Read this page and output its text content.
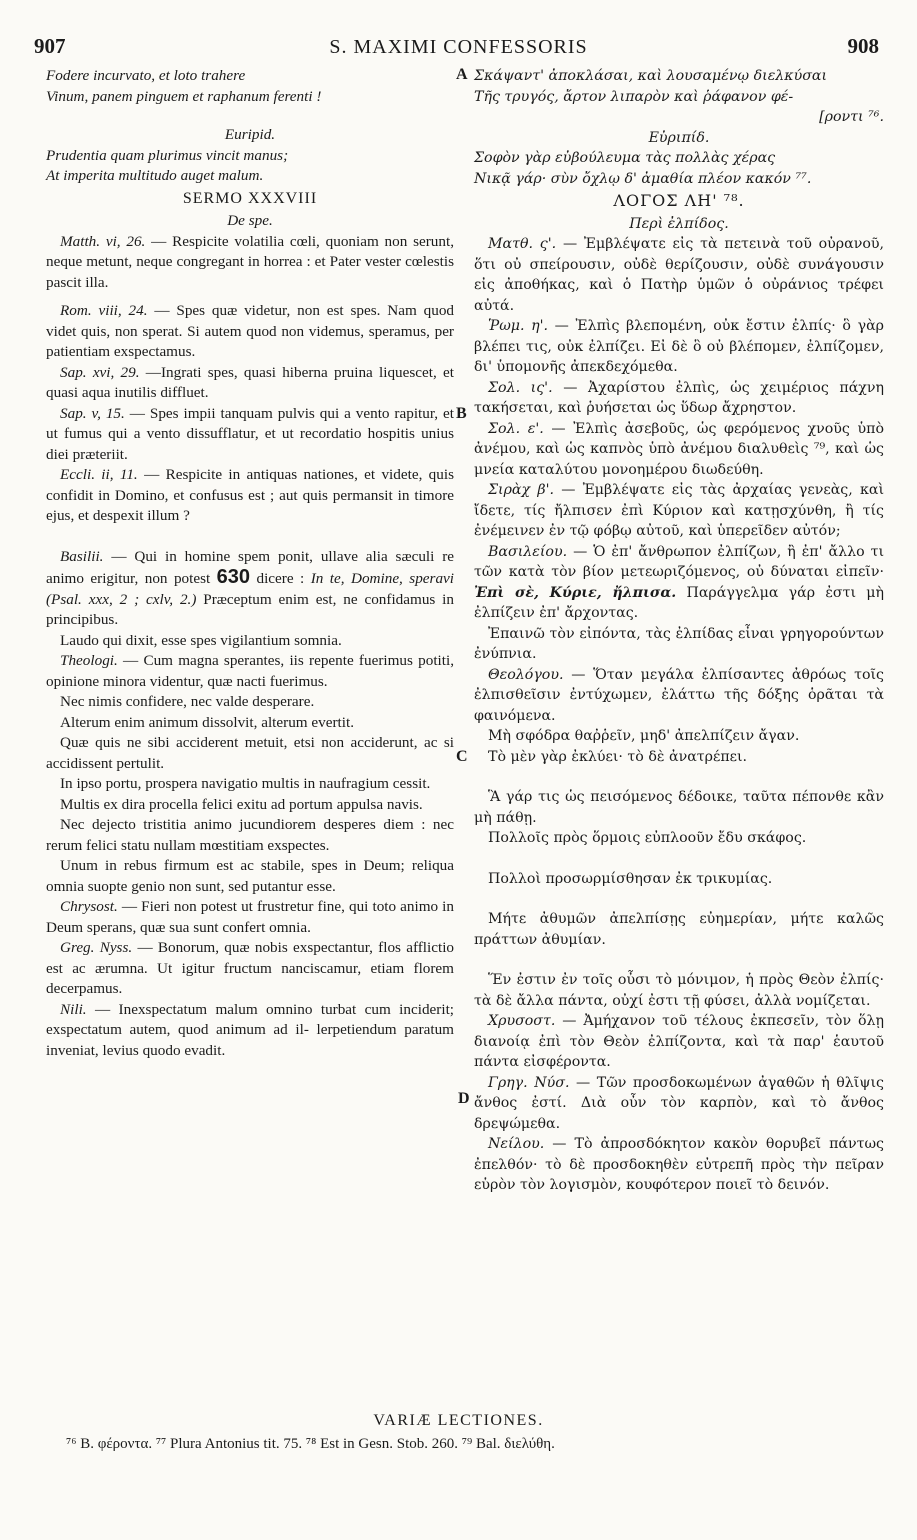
907	S. MAXIMI CONFESSORIS	908
A
B
C
D
Fodere incurvato, et loto trahere
Vinum, panem pinguem et raphanum ferenti !
Euripid.
Prudentia quam plurimus vincit manus;
At imperita multitudo auget malum.
SERMO XXXVIII
De spe.

Matth. vi, 26. — Respicite volatilia cœli, quoniam non serunt, neque metunt, neque congregant in horrea : et Pater vester cœlestis pascit illa.

Rom. viii, 24. — Spes quæ videtur, non est spes. Nam quod videt quis, non sperat. Si autem quod non videmus, speramus, per patientiam exspectamus.

Sap. xvi, 29. —Ingrati spes, quasi hiberna pruina liquescet, et quasi aqua inutilis diffluet.

Sap. v, 15. — Spes impii tanquam pulvis qui a vento rapitur, et ut fumus qui a vento dissufflatur, et ut recordatio hospitis unius diei præteriit.

Eccli. ii, 11. — Respicite in antiquas nationes, et videte, quis confidit in Domino, et confusus est ; aut quis permansit in timore ejus, et despexit illum ?

Basilii. — Qui in homine spem ponit, ullave alia sæculi re animo erigitur, non potest 630 dicere : In te, Domine, speravi (Psal. xxx, 2 ; cxlv, 2.) Præceptum enim est, ne confidamus in principibus.

Laudo qui dixit, esse spes vigilantium somnia.

Theologi. — Cum magna sperantes, iis repente fuerimus potiti, opinione minora videntur, quæ nacti fuerimus.

Nec nimis confidere, nec valde desperare.

Alterum enim animum dissolvit, alterum evertit.

Quæ quis ne sibi acciderent metuit, etsi non acciderunt, ac si accidissent pertulit.

In ipso portu, prospera navigatio multis in naufragium cessit.

Multis ex dira procella felici exitu ad portum appulsa navis.

Nec dejecto tristitia animo jucundiorem desperes diem : nec rerum felici statu nullam mœstitiam exspectes.

Unum in rebus firmum est ac stabile, spes in Deum; reliqua omnia suopte genio non sunt, sed putantur esse.

Chrysost. — Fieri non potest ut frustretur fine, qui toto animo in Deum sperans, quæ sua sunt confert omnia.

Greg. Nyss. — Bonorum, quæ nobis exspectantur, flos afflictio est ac ærumna. Ut igitur fructum nanciscamur, etiam florem decerpamus.

Nili. — Inexspectatum malum omnino turbat cum inciderit; exspectatum autem, quod animum ad il- lerpetiendum paratum inveniat, levius quodo evadit.

Σκάψαντ' ἀποκλάσαι, καὶ λουσαμένῳ διελκύσαι
Τῆς τρυγός, ἄρτον λιπαρὸν καὶ ῥάφανον φέ-
[ροντι ⁷⁶.
Εὐριπίδ.
Σοφὸν γὰρ εὐβούλευμα τὰς πολλὰς χέρας
Νικᾷ γάρ· σὺν ὄχλῳ δ' ἀμαθία πλέον κακόν ⁷⁷.
ΛΟΓΟΣ ΛΗ' ⁷⁸.
Περὶ ἐλπίδος.

Ματθ. ς'. — Ἐμβλέψατε εἰς τὰ πετεινὰ τοῦ οὐρανοῦ, ὅτι οὐ σπείρουσιν, οὐδὲ θερίζουσιν, οὐδὲ συνάγουσιν εἰς ἀποθήκας, καὶ ὁ Πατὴρ ὑμῶν ὁ οὐράνιος τρέφει αὐτά.

Ῥωμ. η'. — Ἐλπὶς βλεπομένη, οὐκ ἔστιν ἐλπίς· ὃ γὰρ βλέπει τις, οὐκ ἐλπίζει. Εἰ δὲ ὃ οὐ βλέπομεν, ἐλπίζομεν, δι' ὑπομονῆς ἀπεκδεχόμεθα.

Σολ. ις'. — Ἀχαρίστου ἐλπὶς, ὡς χειμέριος πάχνη τακήσεται, καὶ ῥυήσεται ὡς ὕδωρ ἄχρηστον.

Σολ. ε'. — Ἐλπὶς ἀσεβοῦς, ὡς φερόμενος χνοῦς ὑπὸ ἀνέμου, καὶ ὡς καπνὸς ὑπὸ ἀνέμου διαλυθεὶς ⁷⁹, καὶ ὡς μνεία καταλύτου μονοημέρου διωδεύθη.

Σιρὰχ β'. — Ἐμβλέψατε εἰς τὰς ἀρχαίας γενεὰς, καὶ ἴδετε, τίς ἤλπισεν ἐπὶ Κύριον καὶ κατῃσχύνθη, ἢ τίς ἐνέμεινεν ἐν τῷ φόβῳ αὐτοῦ, καὶ ὑπερεῖδεν αὐτόν;

Βασιλείου. — Ὁ ἐπ' ἄνθρωπον ἐλπίζων, ἢ ἐπ' ἄλλο τι τῶν κατὰ τὸν βίον μετεωριζόμενος, οὐ δύναται εἰπεῖν· Ἐπὶ σὲ, Κύριε, ἤλπισα. Παράγγελμα γάρ ἐστι μὴ ἐλπίζειν ἐπ' ἄρχοντας.

Ἐπαινῶ τὸν εἰπόντα, τὰς ἐλπίδας εἶναι γρηγορούντων ἐνύπνια.

Θεολόγου. — Ὅταν μεγάλα ἐλπίσαντες ἀθρόως τοῖς ἐλπισθεῖσιν ἐντύχωμεν, ἐλάττω τῆς δόξης ὁρᾶται τὰ φαινόμενα.

Μὴ σφόδρα θαῤῥεῖν, μηδ' ἀπελπίζειν ἄγαν.

Τὸ μὲν γὰρ ἐκλύει· τὸ δὲ ἀνατρέπει.

Ἃ γάρ τις ὡς πεισόμενος δέδοικε, ταῦτα πέπονθε κἂν μὴ πάθῃ.

Πολλοῖς πρὸς ὅρμοις εὐπλοοῦν ἔδυ σκάφος.

Πολλοὶ προσωρμίσθησαν ἐκ τρικυμίας.

Μήτε ἀθυμῶν ἀπελπίσῃς εὐημερίαν, μήτε καλῶς πράττων ἀθυμίαν.

Ἕν ἐστιν ἐν τοῖς οὖσι τὸ μόνιμον, ἡ πρὸς Θεὸν ἐλπίς· τὰ δὲ ἄλλα πάντα, οὐχί ἐστι τῇ φύσει, ἀλλὰ νομίζεται.

Χρυσοστ. — Ἀμήχανον τοῦ τέλους ἐκπεσεῖν, τὸν ὅλῃ διανοίᾳ ἐπὶ τὸν Θεὸν ἐλπίζοντα, καὶ τὰ παρ' ἑαυτοῦ πάντα εἰσφέροντα.

Γρηγ. Νύσ. — Τῶν προσδοκωμένων ἀγαθῶν ἡ θλῖψις ἄνθος ἐστί. Διὰ οὖν τὸν καρπὸν, καὶ τὸ ἄνθος δρεψώμεθα.

Νείλου. — Τὸ ἀπροσδόκητον κακὸν θορυβεῖ πάντως ἐπελθόν· τὸ δὲ προσδοκηθὲν εὐτρεπῆ πρὸς τὴν πεῖραν εὑρὸν τὸν λογισμὸν, κουφότερον ποιεῖ τὸ δεινόν.

VARIÆ LECTIONES.
⁷⁶ B. φέροντα. ⁷⁷ Plura Antonius tit. 75. ⁷⁸ Est in Gesn. Stob. 260. ⁷⁹ Bal. διελύθη.
